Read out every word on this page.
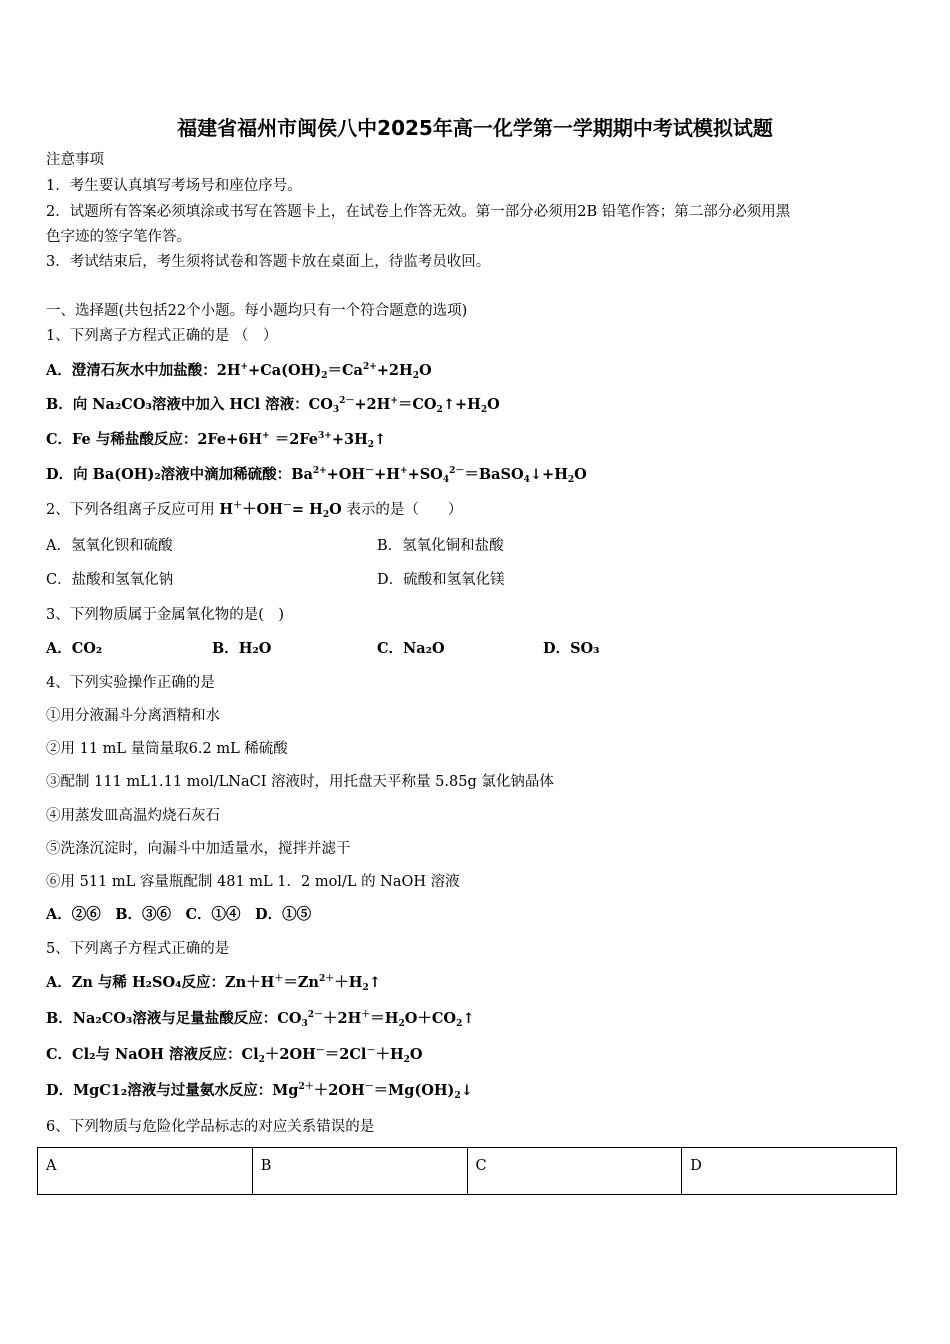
福建省福州市闽侯八中2025年高一化学第一学期期中考试模拟试题
注意事项
1．考生要认真填写考场号和座位序号。
2．试题所有答案必须填涂或书写在答题卡上，在试卷上作答无效。第一部分必须用2B 铅笔作答；第二部分必须用黑
色字迹的签字笔作答。
3．考试结束后，考生须将试卷和答题卡放在桌面上，待监考员收回。
一、选择题(共包括22个小题。每小题均只有一个符合题意的选项)
1、下列离子方程式正确的是 （　）
A．澄清石灰水中加盐酸：$2H^++Ca(OH)_2=Ca^{2+}+2H_2O$
B．向 Na₂CO₃溶液中加入 HCl 溶液：$CO_3^{2-}+2H^+=CO_2↑+H_2O$
C．Fe 与稀盐酸反应：$2Fe+6H^+ =2Fe^{3+}+3H_2↑$
D．向 Ba(OH)₂溶液中滴加稀硫酸：$Ba^{2+}+OH^-+H^++SO_4^{2-}=BaSO_4↓+H_2O$
2、下列各组离子反应可用 $H^++OH^-= H_2O$ 表示的是（　　）
A．氢氧化钡和硫酸	B．氢氧化铜和盐酸
C．盐酸和氢氧化钠	D．硫酸和氢氧化镁
3、下列物质属于金属氧化物的是(　)
A．CO₂	B．H₂O	C．Na₂O	D．SO₃
4、下列实验操作正确的是
①用分液漏斗分离酒精和水
②用 11 mL 量筒量取6.2 mL 稀硫酸
③配制 111 mL1.11 mol/LNaCI 溶液时，用托盘天平称量 5.85g 氯化钠晶体
④用蒸发皿高温灼烧石灰石
⑤洗涤沉淀时，向漏斗中加适量水，搅拌并滤干
⑥用 511 mL 容量瓶配制 481 mL 1．2 mol/L 的 NaOH 溶液
A．②⑥　B．③⑥　C．①④　D．①⑤
5、下列离子方程式正确的是
A．Zn 与稀 H₂SO₄反应：$Zn+H^+=Zn^{2+}+H_2↑$
B．Na₂CO₃溶液与足量盐酸反应：$CO_3^{2-}+2H^+=H_2O+CO_2↑$
C．Cl₂与 NaOH 溶液反应：$Cl_2+2OH^-=2Cl^-+H_2O$
D．MgC1₂溶液与过量氨水反应：$Mg^{2+}+2OH^-=Mg(OH)_2↓$
6、下列物质与危险化学品标志的对应关系错误的是
A	B	C	D
